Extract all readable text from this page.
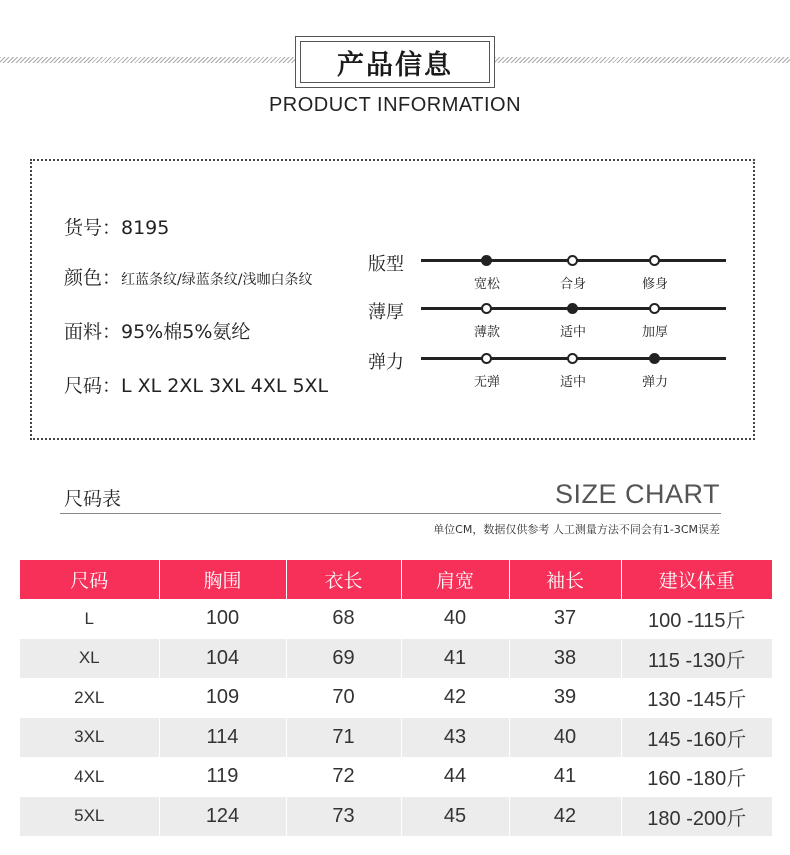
产品信息
PRODUCT INFORMATION
货号：8195
颜色：红蓝条纹/绿蓝条纹/浅咖白条纹
面料：95%棉5%氨纶
尺码：L XL 2XL 3XL 4XL 5XL
版型
宽松	合身	修身
薄厚
薄款	适中	加厚
弹力
无弹	适中	弹力
尺码表	SIZE CHART
单位CM，数据仅供参考 人工测量方法不同会有1-3CM误差
尺码	胸围	衣长	肩宽	袖长	建议体重
L	100	68	40	37	100 -115斤
XL	104	69	41	38	115 -130斤
2XL	109	70	42	39	130 -145斤
3XL	114	71	43	40	145 -160斤
4XL	119	72	44	41	160 -180斤
5XL	124	73	45	42	180 -200斤
